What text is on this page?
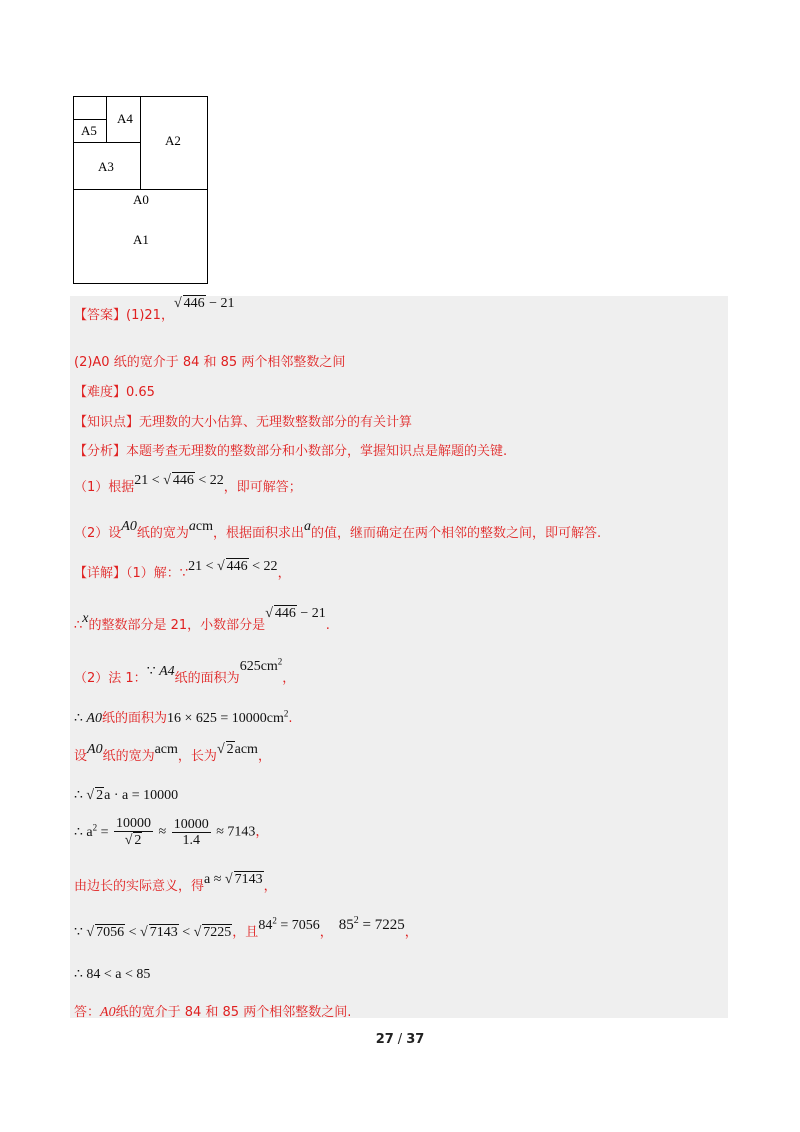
A4
A5
A2
A3
A0
A1
【答案】(1)21，√ 446 − 21
(2)A0 纸的宽介于 84 和 85 两个相邻整数之间
【难度】0.65
【知识点】无理数的大小估算、无理数整数部分的有关计算
【分析】本题考查无理数的整数部分和小数部分，掌握知识点是解题的关键.
（1）根据21 < √ 446 < 22，即可解答；
（2）设A0纸的宽为acm，根据面积求出a的值，继而确定在两个相邻的整数之间，即可解答.
【详解】（1）解：∵21 < √ 446 < 22，
∴x的整数部分是 21，小数部分是√ 446 − 21.
（2）法 1：∵ A4纸的面积为$625cm^2$，
∴ A0纸的面积为$16 \times 625 = 10000cm^2$.
设A0纸的宽为acm，长为√ 2acm，
∴ √ 2a · a = 10000
∴ $a^2 = \frac{10000}{√ 2} \approx \frac{10000}{1.4} \approx 7143$，
由边长的实际意义，得a ≈ √ 7143，
∵ √ 7056 < √ 7143 < √ 7225，且$84^2 = 7056$， $85^2 = 7225$，
∴ 84 < a < 85
答：A0纸的宽介于 84 和 85 两个相邻整数之间.
27 / 37
